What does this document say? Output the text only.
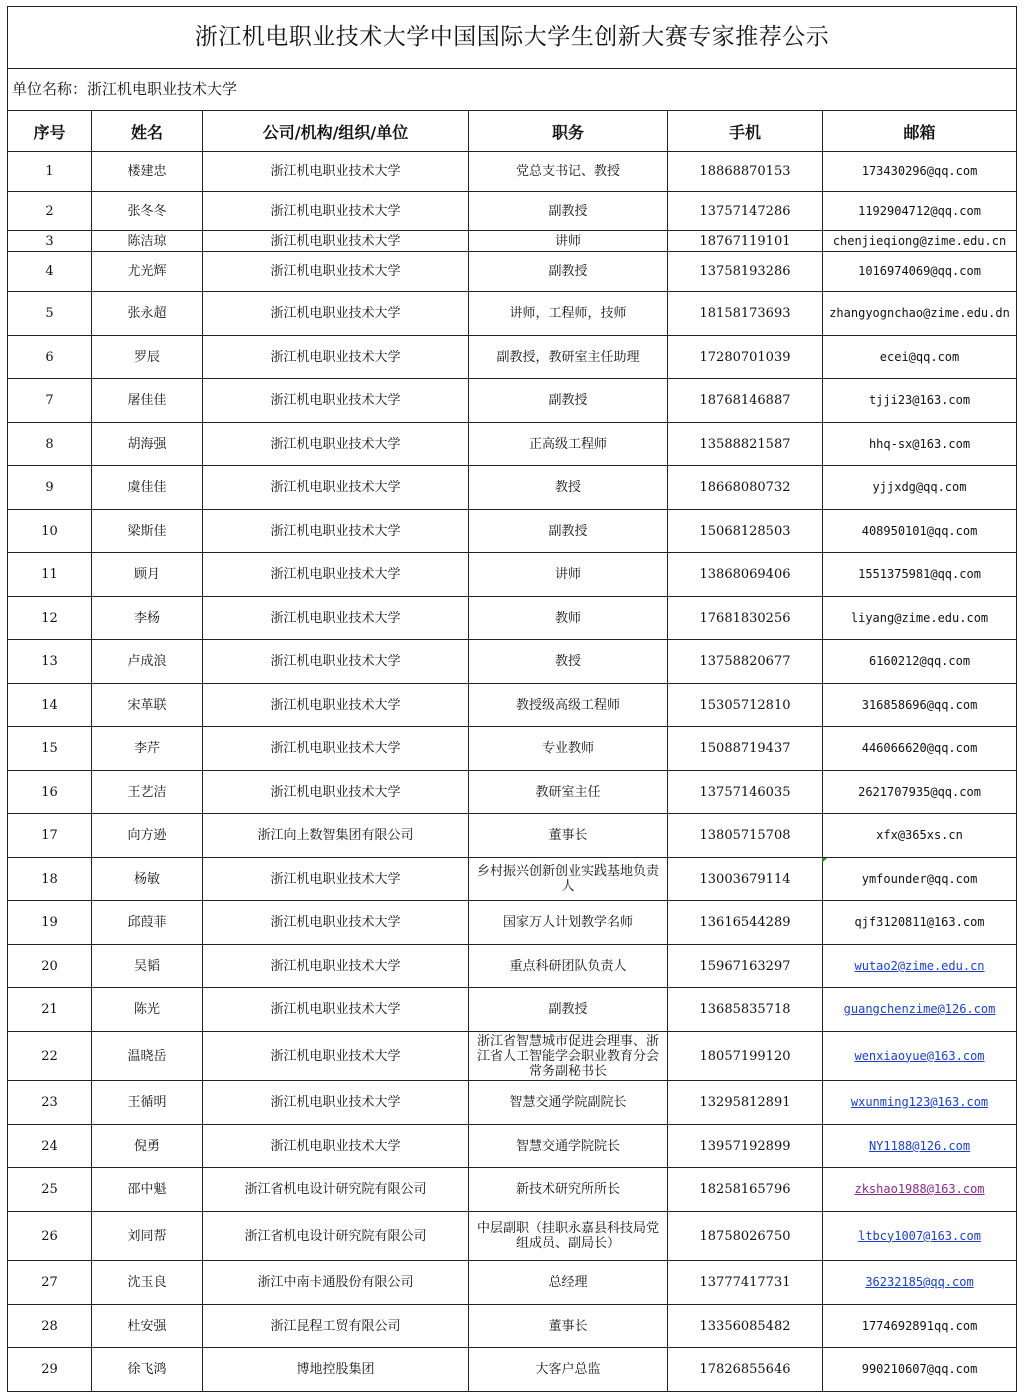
浙江机电职业技术大学中国国际大学生创新大赛专家推荐公示					
单位名称：浙江机电职业技术大学					
序号	姓名	公司/机构/组织/单位	职务	手机	邮箱
1	楼建忠	浙江机电职业技术大学	党总支书记、教授	18868870153	173430296@qq.com
2	张冬冬	浙江机电职业技术大学	副教授	13757147286	1192904712@qq.com
3	陈洁琼	浙江机电职业技术大学	讲师	18767119101	chenjieqiong@zime.edu.cn
4	尤光辉	浙江机电职业技术大学	副教授	13758193286	1016974069@qq.com
5	张永超	浙江机电职业技术大学	讲师，工程师，技师	18158173693	zhangyognchao@zime.edu.dn
6	罗辰	浙江机电职业技术大学	副教授，教研室主任助理	17280701039	ecei@qq.com
7	屠佳佳	浙江机电职业技术大学	副教授	18768146887	tjji23@163.com
8	胡海强	浙江机电职业技术大学	正高级工程师	13588821587	hhq-sx@163.com
9	虞佳佳	浙江机电职业技术大学	教授	18668080732	yjjxdg@qq.com
10	梁斯佳	浙江机电职业技术大学	副教授	15068128503	408950101@qq.com
11	顾月	浙江机电职业技术大学	讲师	13868069406	1551375981@qq.com
12	李杨	浙江机电职业技术大学	教师	17681830256	liyang@zime.edu.com
13	卢成浪	浙江机电职业技术大学	教授	13758820677	6160212@qq.com
14	宋革联	浙江机电职业技术大学	教授级高级工程师	15305712810	316858696@qq.com
15	李芹	浙江机电职业技术大学	专业教师	15088719437	446066620@qq.com
16	王艺洁	浙江机电职业技术大学	教研室主任	13757146035	2621707935@qq.com
17	向方逊	浙江向上数智集团有限公司	董事长	13805715708	xfx@365xs.cn
18	杨敏	浙江机电职业技术大学	乡村振兴创新创业实践基地负责人	13003679114	ymfounder@qq.com
19	邱葭菲	浙江机电职业技术大学	国家万人计划教学名师	13616544289	qjf3120811@163.com
20	吴韬	浙江机电职业技术大学	重点科研团队负责人	15967163297	wutao2@zime.edu.cn
21	陈光	浙江机电职业技术大学	副教授	13685835718	guangchenzime@126.com
22	温晓岳	浙江机电职业技术大学	浙江省智慧城市促进会理事、浙江省人工智能学会职业教育分会常务副秘书长	18057199120	wenxiaoyue@163.com
23	王循明	浙江机电职业技术大学	智慧交通学院副院长	13295812891	wxunming123@163.com
24	倪勇	浙江机电职业技术大学	智慧交通学院院长	13957192899	NY1188@126.com
25	邵中魁	浙江省机电设计研究院有限公司	新技术研究所所长	18258165796	zkshao1988@163.com
26	刘同帮	浙江省机电设计研究院有限公司	中层副职（挂职永嘉县科技局党组成员、副局长）	18758026750	ltbcy1007@163.com
27	沈玉良	浙江中南卡通股份有限公司	总经理	13777417731	36232185@qq.com
28	杜安强	浙江昆程工贸有限公司	董事长	13356085482	1774692891qq.com
29	徐飞鸿	博地控股集团	大客户总监	17826855646	990210607@qq.com
